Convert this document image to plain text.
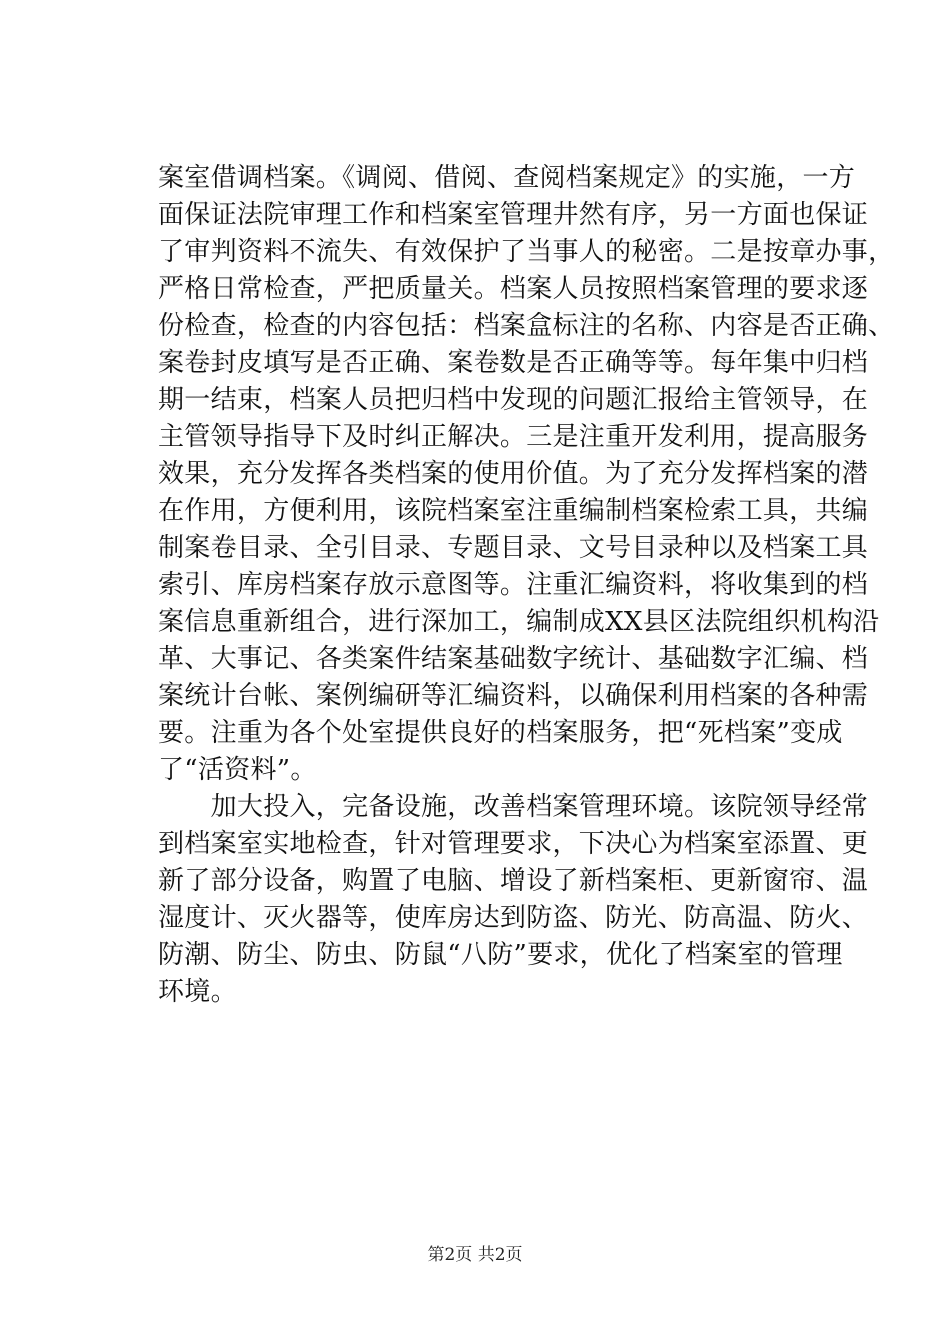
案室借调档案。《调阅、借阅、查阅档案规定》的实施，一方
面保证法院审理工作和档案室管理井然有序，另一方面也保证
了审判资料不流失、有效保护了当事人的秘密。二是按章办事，
严格日常检查，严把质量关。档案人员按照档案管理的要求逐
份检查，检查的内容包括：档案盒标注的名称、内容是否正确、
案卷封皮填写是否正确、案卷数是否正确等等。每年集中归档
期一结束，档案人员把归档中发现的问题汇报给主管领导，在
主管领导指导下及时纠正解决。三是注重开发利用，提高服务
效果，充分发挥各类档案的使用价值。为了充分发挥档案的潜
在作用，方便利用，该院档案室注重编制档案检索工具，共编
制案卷目录、全引目录、专题目录、文号目录种以及档案工具
索引、库房档案存放示意图等。注重汇编资料，将收集到的档
案信息重新组合，进行深加工，编制成XX县区法院组织机构沿
革、大事记、各类案件结案基础数字统计、基础数字汇编、档
案统计台帐、案例编研等汇编资料，以确保利用档案的各种需
要。注重为各个处室提供良好的档案服务，把“死档案”变成
了“活资料”。
　　加大投入，完备设施，改善档案管理环境。该院领导经常
到档案室实地检查，针对管理要求，下决心为档案室添置、更
新了部分设备，购置了电脑、增设了新档案柜、更新窗帘、温
湿度计、灭火器等，使库房达到防盗、防光、防高温、防火、
防潮、防尘、防虫、防鼠“八防”要求，优化了档案室的管理
环境。
第2页 共2页
